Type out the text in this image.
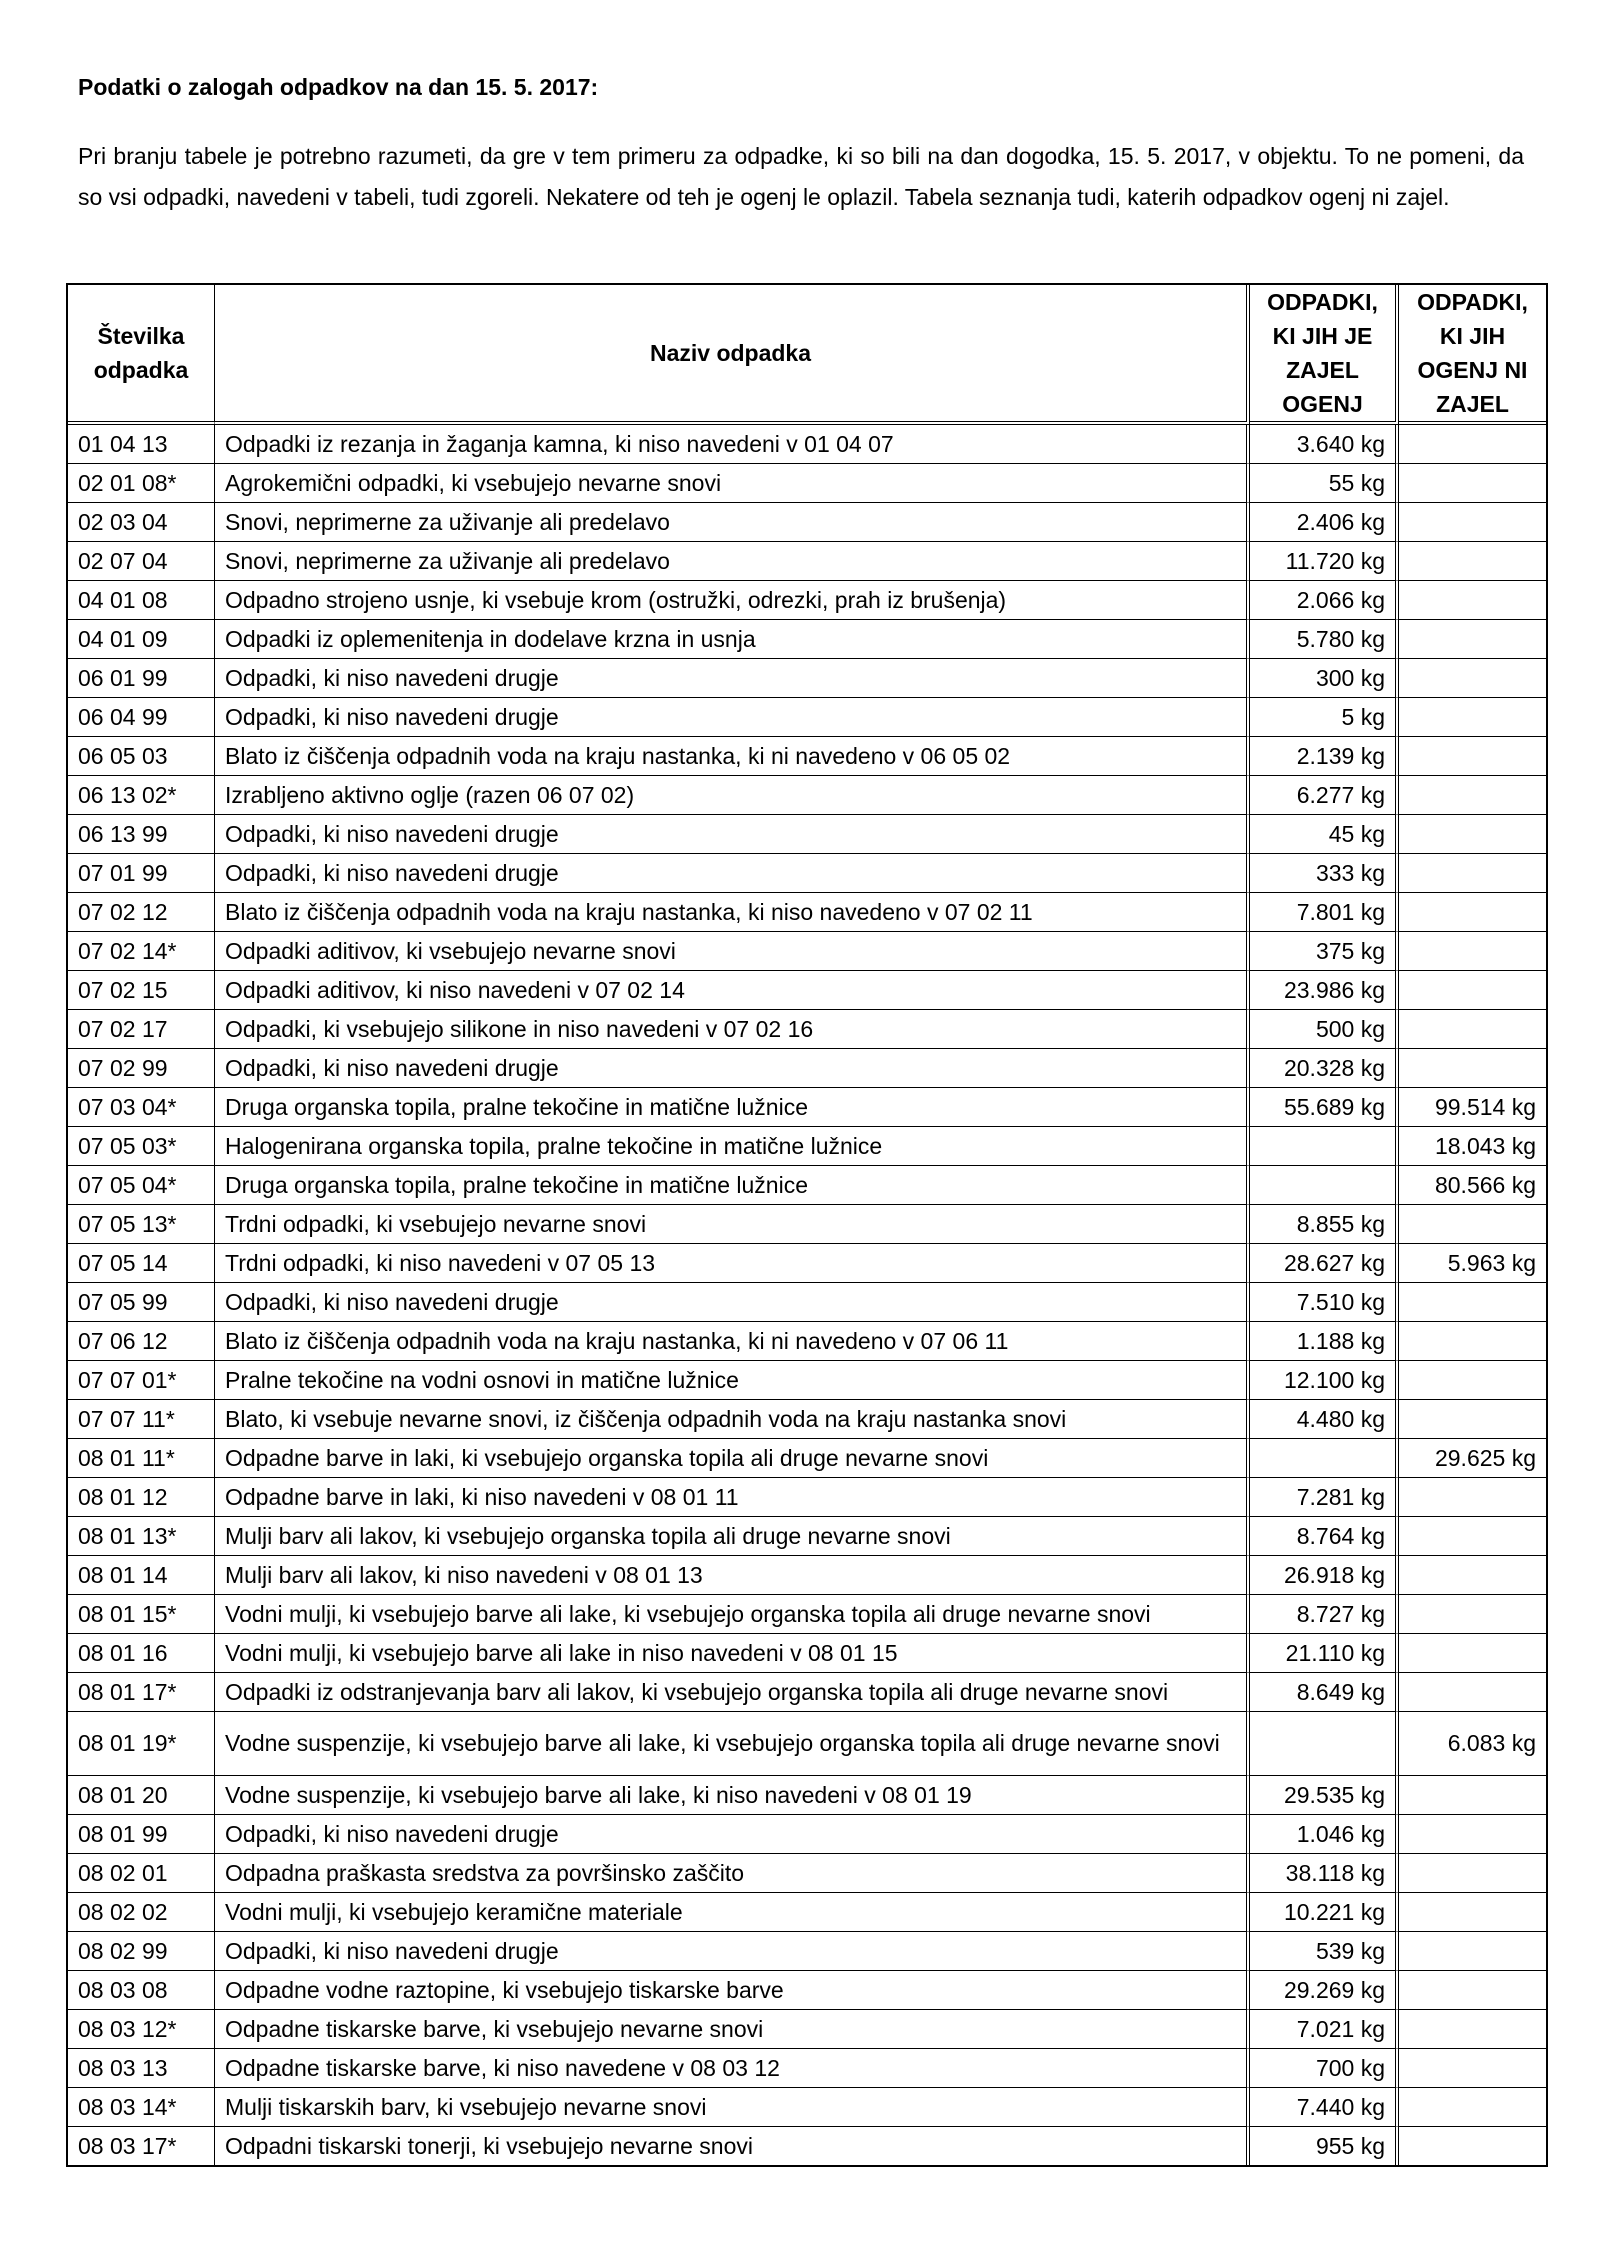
Podatki o zalogah odpadkov na dan 15. 5. 2017:

Pri branju tabele je potrebno razumeti, da gre v tem primeru za odpadke, ki so bili na dan dogodka, 15. 5. 2017, v objektu. To ne pomeni, da so vsi odpadki, navedeni v tabeli, tudi zgoreli. Nekatere od teh je ogenj le oplazil. Tabela seznanja tudi, katerih odpadkov ogenj ni zajel.

Številka odpadka	Naziv odpadka	ODPADKI, KI JIH JE ZAJEL OGENJ	ODPADKI, KI JIH OGENJ NI ZAJEL
01 04 13	Odpadki iz rezanja in žaganja kamna, ki niso navedeni v 01 04 07	3.640 kg	
02 01 08*	Agrokemični odpadki, ki vsebujejo nevarne snovi	55 kg	
02 03 04	Snovi, neprimerne za uživanje ali predelavo	2.406 kg	
02 07 04	Snovi, neprimerne za uživanje ali predelavo	11.720 kg	
04 01 08	Odpadno strojeno usnje, ki vsebuje krom (ostružki, odrezki, prah iz brušenja)	2.066 kg	
04 01 09	Odpadki iz oplemenitenja in dodelave krzna in usnja	5.780 kg	
06 01 99	Odpadki, ki niso navedeni drugje	300 kg	
06 04 99	Odpadki, ki niso navedeni drugje	5 kg	
06 05 03	Blato iz čiščenja odpadnih voda na kraju nastanka, ki ni navedeno v 06 05 02	2.139 kg	
06 13 02*	Izrabljeno aktivno oglje (razen 06 07 02)	6.277 kg	
06 13 99	Odpadki, ki niso navedeni drugje	45 kg	
07 01 99	Odpadki, ki niso navedeni drugje	333 kg	
07 02 12	Blato iz čiščenja odpadnih voda na kraju nastanka, ki niso navedeno v 07 02 11	7.801 kg	
07 02 14*	Odpadki aditivov, ki vsebujejo nevarne snovi	375 kg	
07 02 15	Odpadki aditivov, ki niso navedeni v 07 02 14	23.986 kg	
07 02 17	Odpadki, ki vsebujejo silikone in niso navedeni v 07 02 16	500 kg	
07 02 99	Odpadki, ki niso navedeni drugje	20.328 kg	
07 03 04*	Druga organska topila, pralne tekočine in matične lužnice	55.689 kg	99.514 kg
07 05 03*	Halogenirana organska topila, pralne tekočine in matične lužnice		18.043 kg
07 05 04*	Druga organska topila, pralne tekočine in matične lužnice		80.566 kg
07 05 13*	Trdni odpadki, ki vsebujejo nevarne snovi	8.855 kg	
07 05 14	Trdni odpadki, ki niso navedeni v 07 05 13	28.627 kg	5.963 kg
07 05 99	Odpadki, ki niso navedeni drugje	7.510 kg	
07 06 12	Blato iz čiščenja odpadnih voda na kraju nastanka, ki ni navedeno v 07 06 11	1.188 kg	
07 07 01*	Pralne tekočine na vodni osnovi in matične lužnice	12.100 kg	
07 07 11*	Blato, ki vsebuje nevarne snovi, iz čiščenja odpadnih voda na kraju nastanka snovi	4.480 kg	
08 01 11*	Odpadne barve in laki, ki vsebujejo organska topila ali druge nevarne snovi		29.625 kg
08 01 12	Odpadne barve in laki, ki niso navedeni v 08 01 11	7.281 kg	
08 01 13*	Mulji barv ali lakov, ki vsebujejo organska topila ali druge nevarne snovi	8.764 kg	
08 01 14	Mulji barv ali lakov, ki niso navedeni v 08 01 13	26.918 kg	
08 01 15*	Vodni mulji, ki vsebujejo barve ali lake, ki vsebujejo organska topila ali druge nevarne snovi	8.727 kg	
08 01 16	Vodni mulji, ki vsebujejo barve ali lake in niso navedeni v 08 01 15	21.110 kg	
08 01 17*	Odpadki iz odstranjevanja barv ali lakov, ki vsebujejo organska topila ali druge nevarne snovi	8.649 kg	
08 01 19*	Vodne suspenzije, ki vsebujejo barve ali lake, ki vsebujejo organska topila ali druge nevarne snovi		6.083 kg
08 01 20	Vodne suspenzije, ki vsebujejo barve ali lake, ki niso navedeni v 08 01 19	29.535 kg	
08 01 99	Odpadki, ki niso navedeni drugje	1.046 kg	
08 02 01	Odpadna praškasta sredstva za površinsko zaščito	38.118 kg	
08 02 02	Vodni mulji, ki vsebujejo keramične materiale	10.221 kg	
08 02 99	Odpadki, ki niso navedeni drugje	539 kg	
08 03 08	Odpadne vodne raztopine, ki vsebujejo tiskarske barve	29.269 kg	
08 03 12*	Odpadne tiskarske barve, ki vsebujejo nevarne snovi	7.021 kg	
08 03 13	Odpadne tiskarske barve, ki niso navedene v 08 03 12	700 kg	
08 03 14*	Mulji tiskarskih barv, ki vsebujejo nevarne snovi	7.440 kg	
08 03 17*	Odpadni tiskarski tonerji, ki vsebujejo nevarne snovi	955 kg	
